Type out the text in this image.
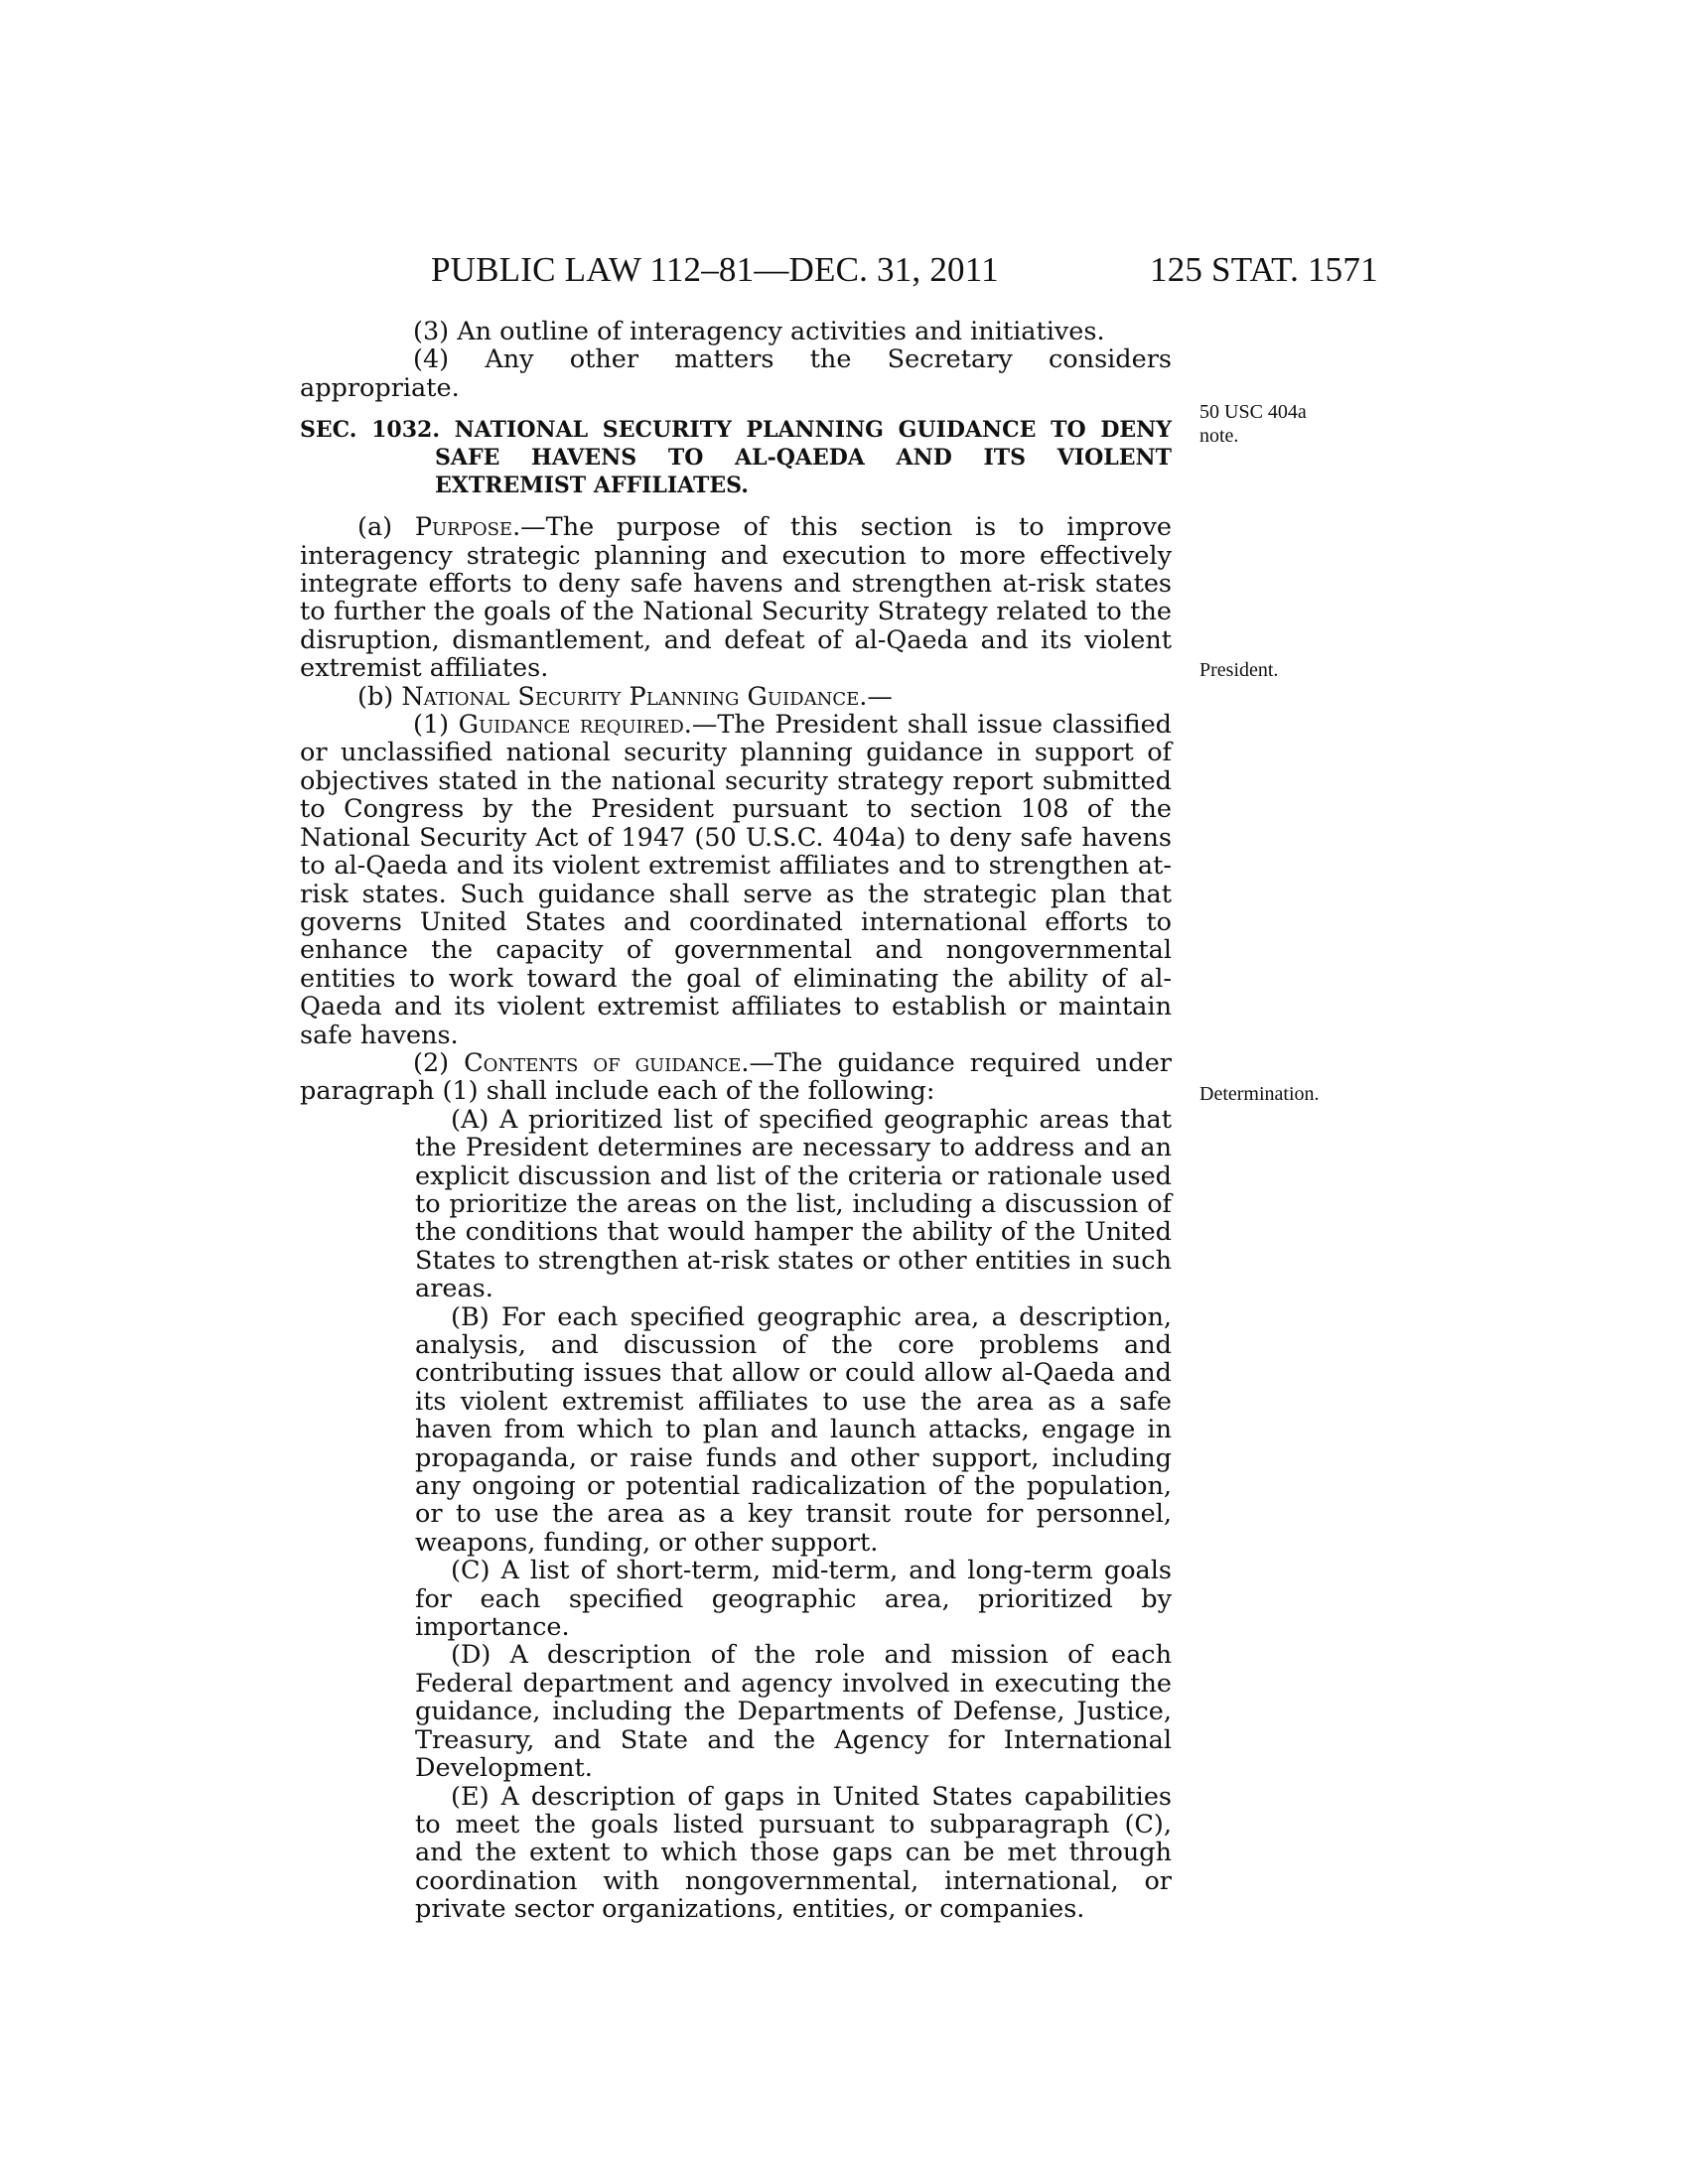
PUBLIC LAW 112–81—DEC. 31, 2011	125 STAT. 1571
50 USC 404a
note.
President.
Determination.

(3) An outline of interagency activities and initiatives.

(4) Any other matters the Secretary considers appropriate.

SEC. 1032. NATIONAL SECURITY PLANNING GUIDANCE TO DENY SAFE HAVENS TO AL-QAEDA AND ITS VIOLENT EXTREMIST AFFILIATES.

(a) Purpose.—The purpose of this section is to improve interagency strategic planning and execution to more effectively integrate efforts to deny safe havens and strengthen at-risk states to further the goals of the National Security Strategy related to the disruption, dismantlement, and defeat of al-Qaeda and its violent extremist affiliates.

(b) National Security Planning Guidance.—

(1) Guidance required.—The President shall issue classified or unclassified national security planning guidance in support of objectives stated in the national security strategy report submitted to Congress by the President pursuant to section 108 of the National Security Act of 1947 (50 U.S.C. 404a) to deny safe havens to al-Qaeda and its violent extremist affiliates and to strengthen at-risk states. Such guidance shall serve as the strategic plan that governs United States and coordinated international efforts to enhance the capacity of governmental and nongovernmental entities to work toward the goal of eliminating the ability of al-Qaeda and its violent extremist affiliates to establish or maintain safe havens.

(2) Contents of guidance.—The guidance required under paragraph (1) shall include each of the following:

(A) A prioritized list of specified geographic areas that the President determines are necessary to address and an explicit discussion and list of the criteria or rationale used to prioritize the areas on the list, including a discussion of the conditions that would hamper the ability of the United States to strengthen at-risk states or other entities in such areas.

(B) For each specified geographic area, a description, analysis, and discussion of the core problems and contributing issues that allow or could allow al-Qaeda and its violent extremist affiliates to use the area as a safe haven from which to plan and launch attacks, engage in propaganda, or raise funds and other support, including any ongoing or potential radicalization of the population, or to use the area as a key transit route for personnel, weapons, funding, or other support.

(C) A list of short-term, mid-term, and long-term goals for each specified geographic area, prioritized by importance.

(D) A description of the role and mission of each Federal department and agency involved in executing the guidance, including the Departments of Defense, Justice, Treasury, and State and the Agency for International Development.

(E) A description of gaps in United States capabilities to meet the goals listed pursuant to subparagraph (C), and the extent to which those gaps can be met through coordination with nongovernmental, international, or private sector organizations, entities, or companies.
